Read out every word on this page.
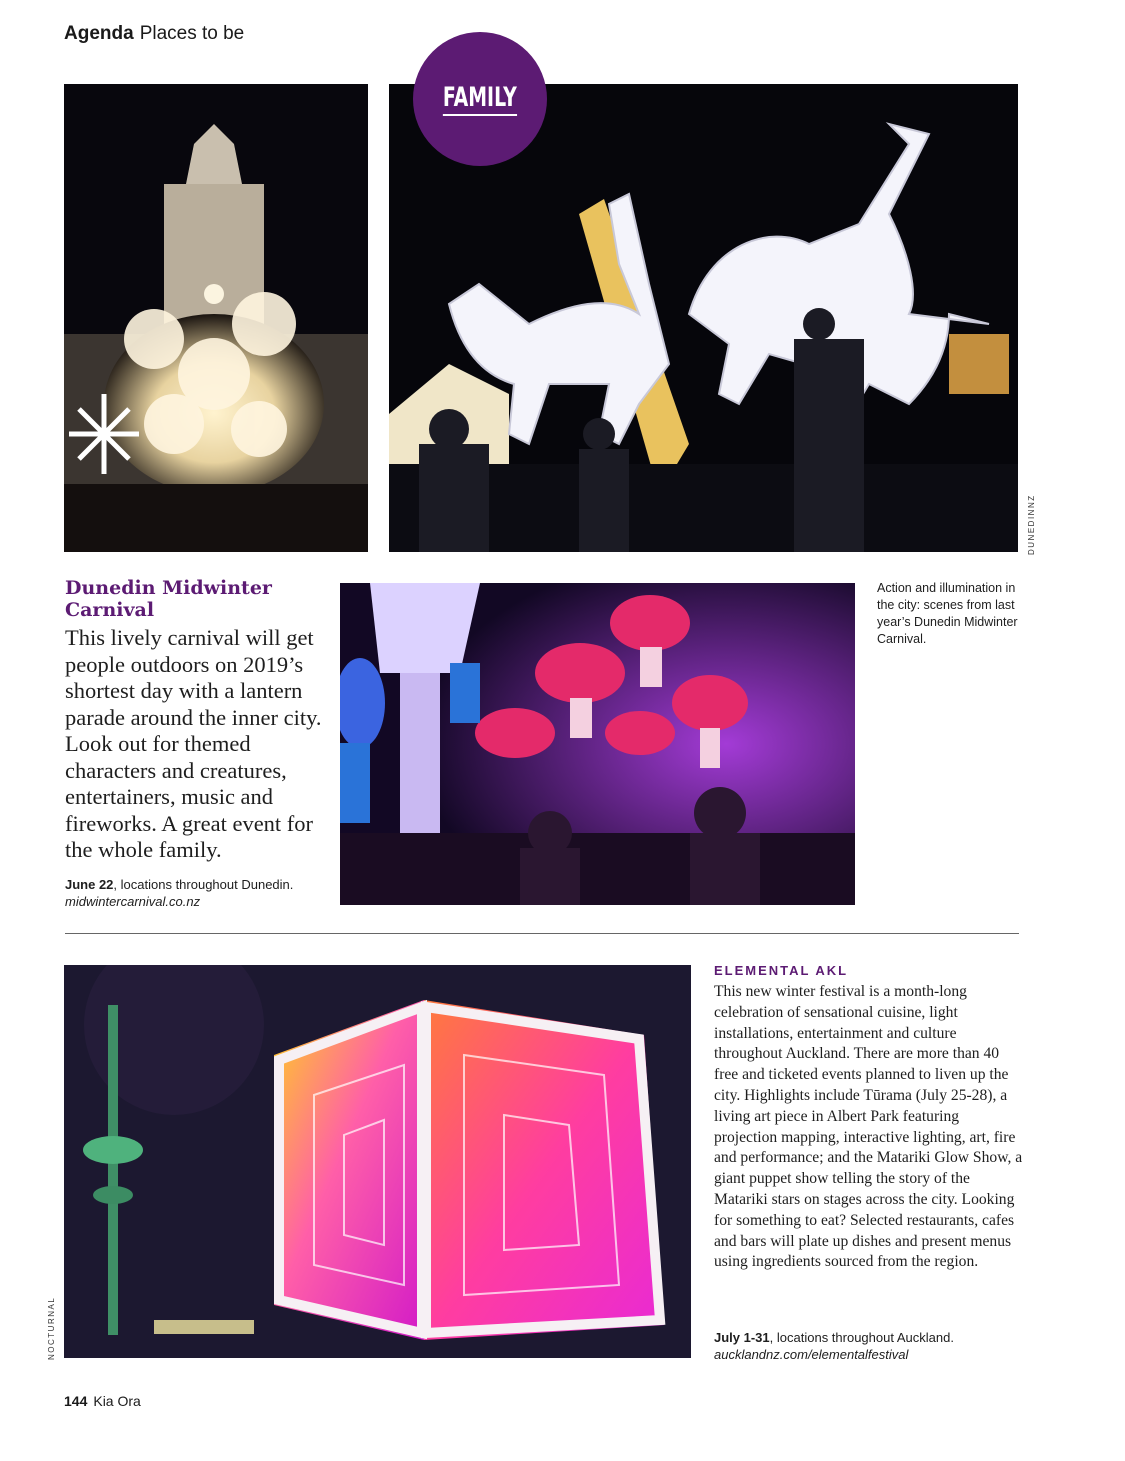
Agenda Places to be
FAMILY
DUNEDINNZ
Dunedin Midwinter Carnival
This lively carnival will get people outdoors on 2019’s shortest day with a lantern parade around the inner city. Look out for themed characters and creatures, entertainers, music and fireworks. A great event for the whole family.
June 22, locations throughout Dunedin.
midwintercarnival.co.nz
Action and illumination in the city: scenes from last year’s Dunedin Midwinter Carnival.
NOCTURNAL
ELEMENTAL AKL
This new winter festival is a month-long celebration of sensational cuisine, light installations, entertainment and culture throughout Auckland. There are more than 40 free and ticketed events planned to liven up the city. Highlights include Tūrama (July 25-28), a living art piece in Albert Park featuring projection mapping, interactive lighting, art, fire and performance; and the Matariki Glow Show, a giant puppet show telling the story of the Matariki stars on stages across the city. Looking for something to eat? Selected restaurants, cafes and bars will plate up dishes and present menus using ingredients sourced from the region.
July 1-31, locations throughout Auckland.
aucklandnz.com/elementalfestival
144 Kia Ora
